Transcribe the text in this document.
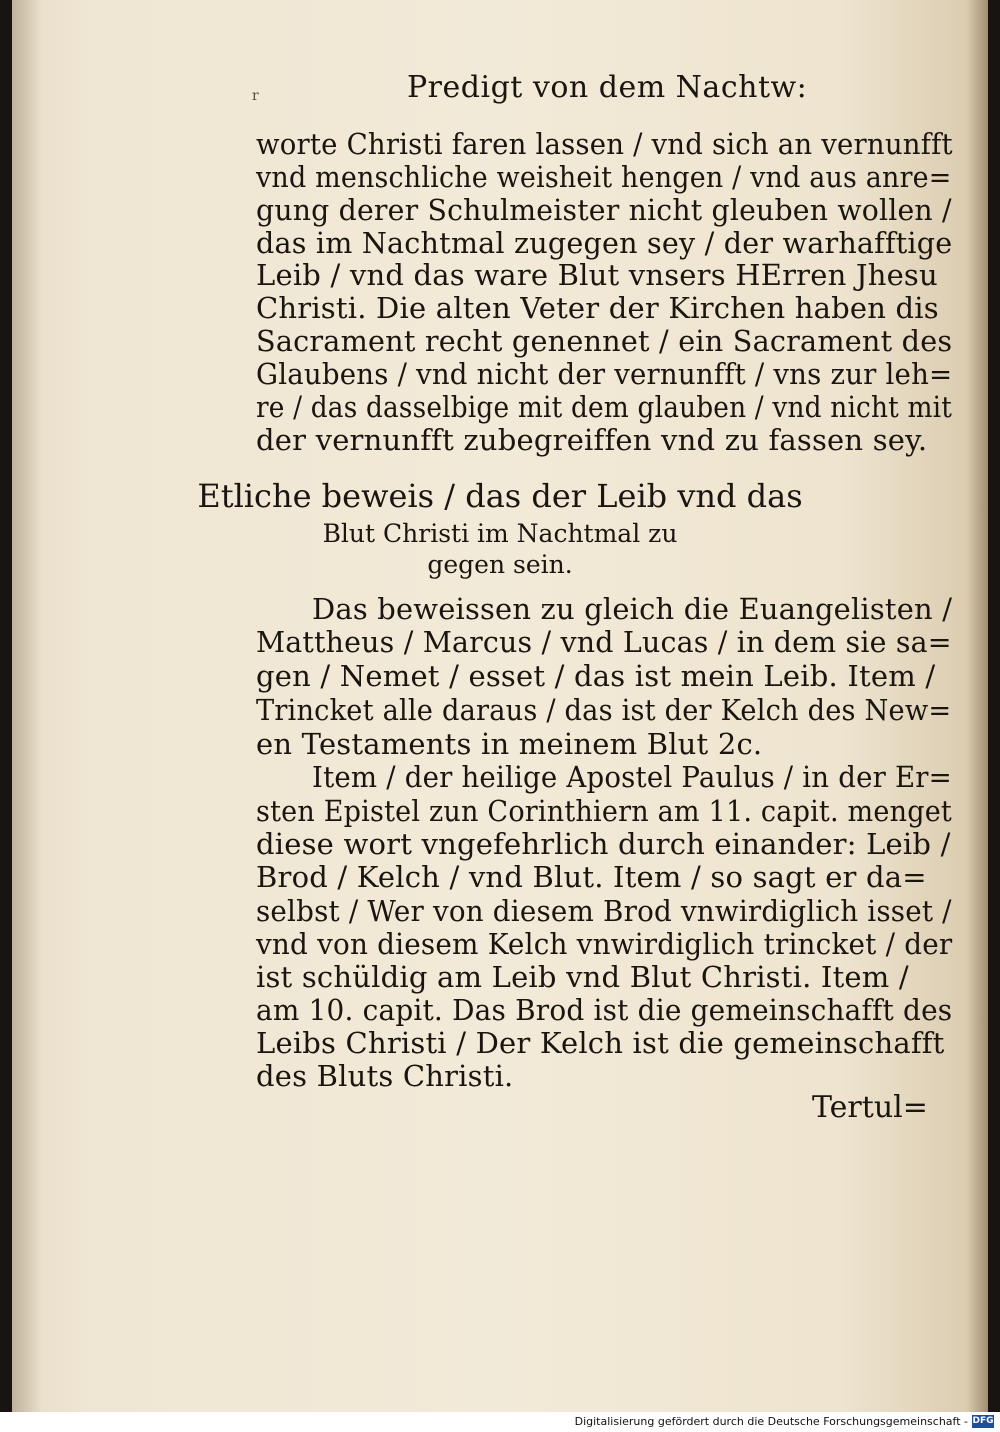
r	Predigt von dem Nachtw:
worte Christi faren lassen / vnd sich an vernunfft
vnd menschliche weisheit hengen / vnd aus anre=
gung derer Schulmeister nicht gleuben wollen /
das im Nachtmal zugegen sey / der warhafftige
Leib / vnd das ware Blut vnsers HErren Jhesu
Christi. Die alten Veter der Kirchen haben dis
Sacrament recht genennet / ein Sacrament des
Glaubens / vnd nicht der vernunfft / vns zur leh=
re / das dasselbige mit dem glauben / vnd nicht mit
der vernunfft zubegreiffen vnd zu fassen sey.
Etliche beweis / das der Leib vnd das
Blut Christi im Nachtmal zu
gegen sein.
Das beweissen zu gleich die Euangelisten /
Mattheus / Marcus / vnd Lucas / in dem sie sa=
gen / Nemet / esset / das ist mein Leib. Item /
Trincket alle daraus / das ist der Kelch des New=
en Testaments in meinem Blut 2c.
Item / der heilige Apostel Paulus / in der Er=
sten Epistel zun Corinthiern am 11. capit. menget
diese wort vngefehrlich durch einander: Leib /
Brod / Kelch / vnd Blut. Item / so sagt er da=
selbst / Wer von diesem Brod vnwirdiglich isset /
vnd von diesem Kelch vnwirdiglich trincket / der
ist schüldig am Leib vnd Blut Christi. Item /
am 10. capit. Das Brod ist die gemeinschafft des
Leibs Christi / Der Kelch ist die gemeinschafft
des Bluts Christi.
Tertul=
Digitalisierung gefördert durch die Deutsche Forschungsgemeinschaft - DFG
